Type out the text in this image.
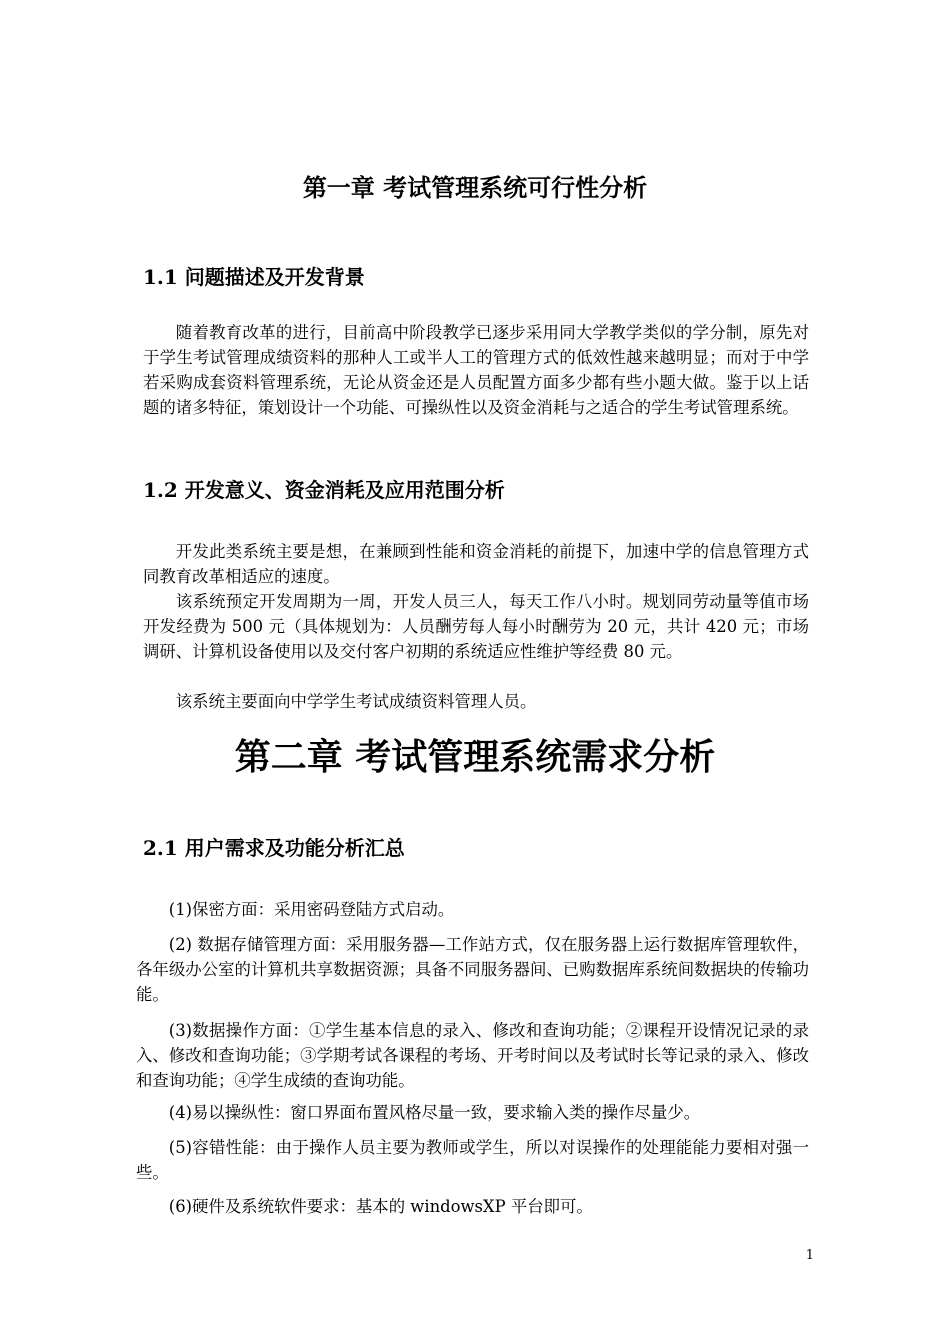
第一章 考试管理系统可行性分析
1.1 问题描述及开发背景

随着教育改革的进行，目前高中阶段教学已逐步采用同大学教学类似的学分制，原先对于学生考试管理成绩资料的那种人工或半人工的管理方式的低效性越来越明显；而对于中学若采购成套资料管理系统，无论从资金还是人员配置方面多少都有些小题大做。鉴于以上话题的诸多特征，策划设计一个功能、可操纵性以及资金消耗与之适合的学生考试管理系统。

1.2 开发意义、资金消耗及应用范围分析

开发此类系统主要是想，在兼顾到性能和资金消耗的前提下，加速中学的信息管理方式同教育改革相适应的速度。

该系统预定开发周期为一周，开发人员三人，每天工作八小时。规划同劳动量等值市场开发经费为 500 元（具体规划为：人员酬劳每人每小时酬劳为 20 元，共计 420 元；市场调研、计算机设备使用以及交付客户初期的系统适应性维护等经费 80 元。

该系统主要面向中学学生考试成绩资料管理人员。

第二章 考试管理系统需求分析
2.1 用户需求及功能分析汇总

(1)保密方面：采用密码登陆方式启动。

(2) 数据存储管理方面：采用服务器—工作站方式，仅在服务器上运行数据库管理软件，各年级办公室的计算机共享数据资源；具备不同服务器间、已购数据库系统间数据块的传输功能。

(3)数据操作方面：①学生基本信息的录入、修改和查询功能；②课程开设情况记录的录入、修改和查询功能；③学期考试各课程的考场、开考时间以及考试时长等记录的录入、修改和查询功能；④学生成绩的查询功能。

(4)易以操纵性：窗口界面布置风格尽量一致，要求输入类的操作尽量少。

(5)容错性能：由于操作人员主要为教师或学生，所以对误操作的处理能能力要相对强一些。

(6)硬件及系统软件要求：基本的 windowsXP 平台即可。

1
